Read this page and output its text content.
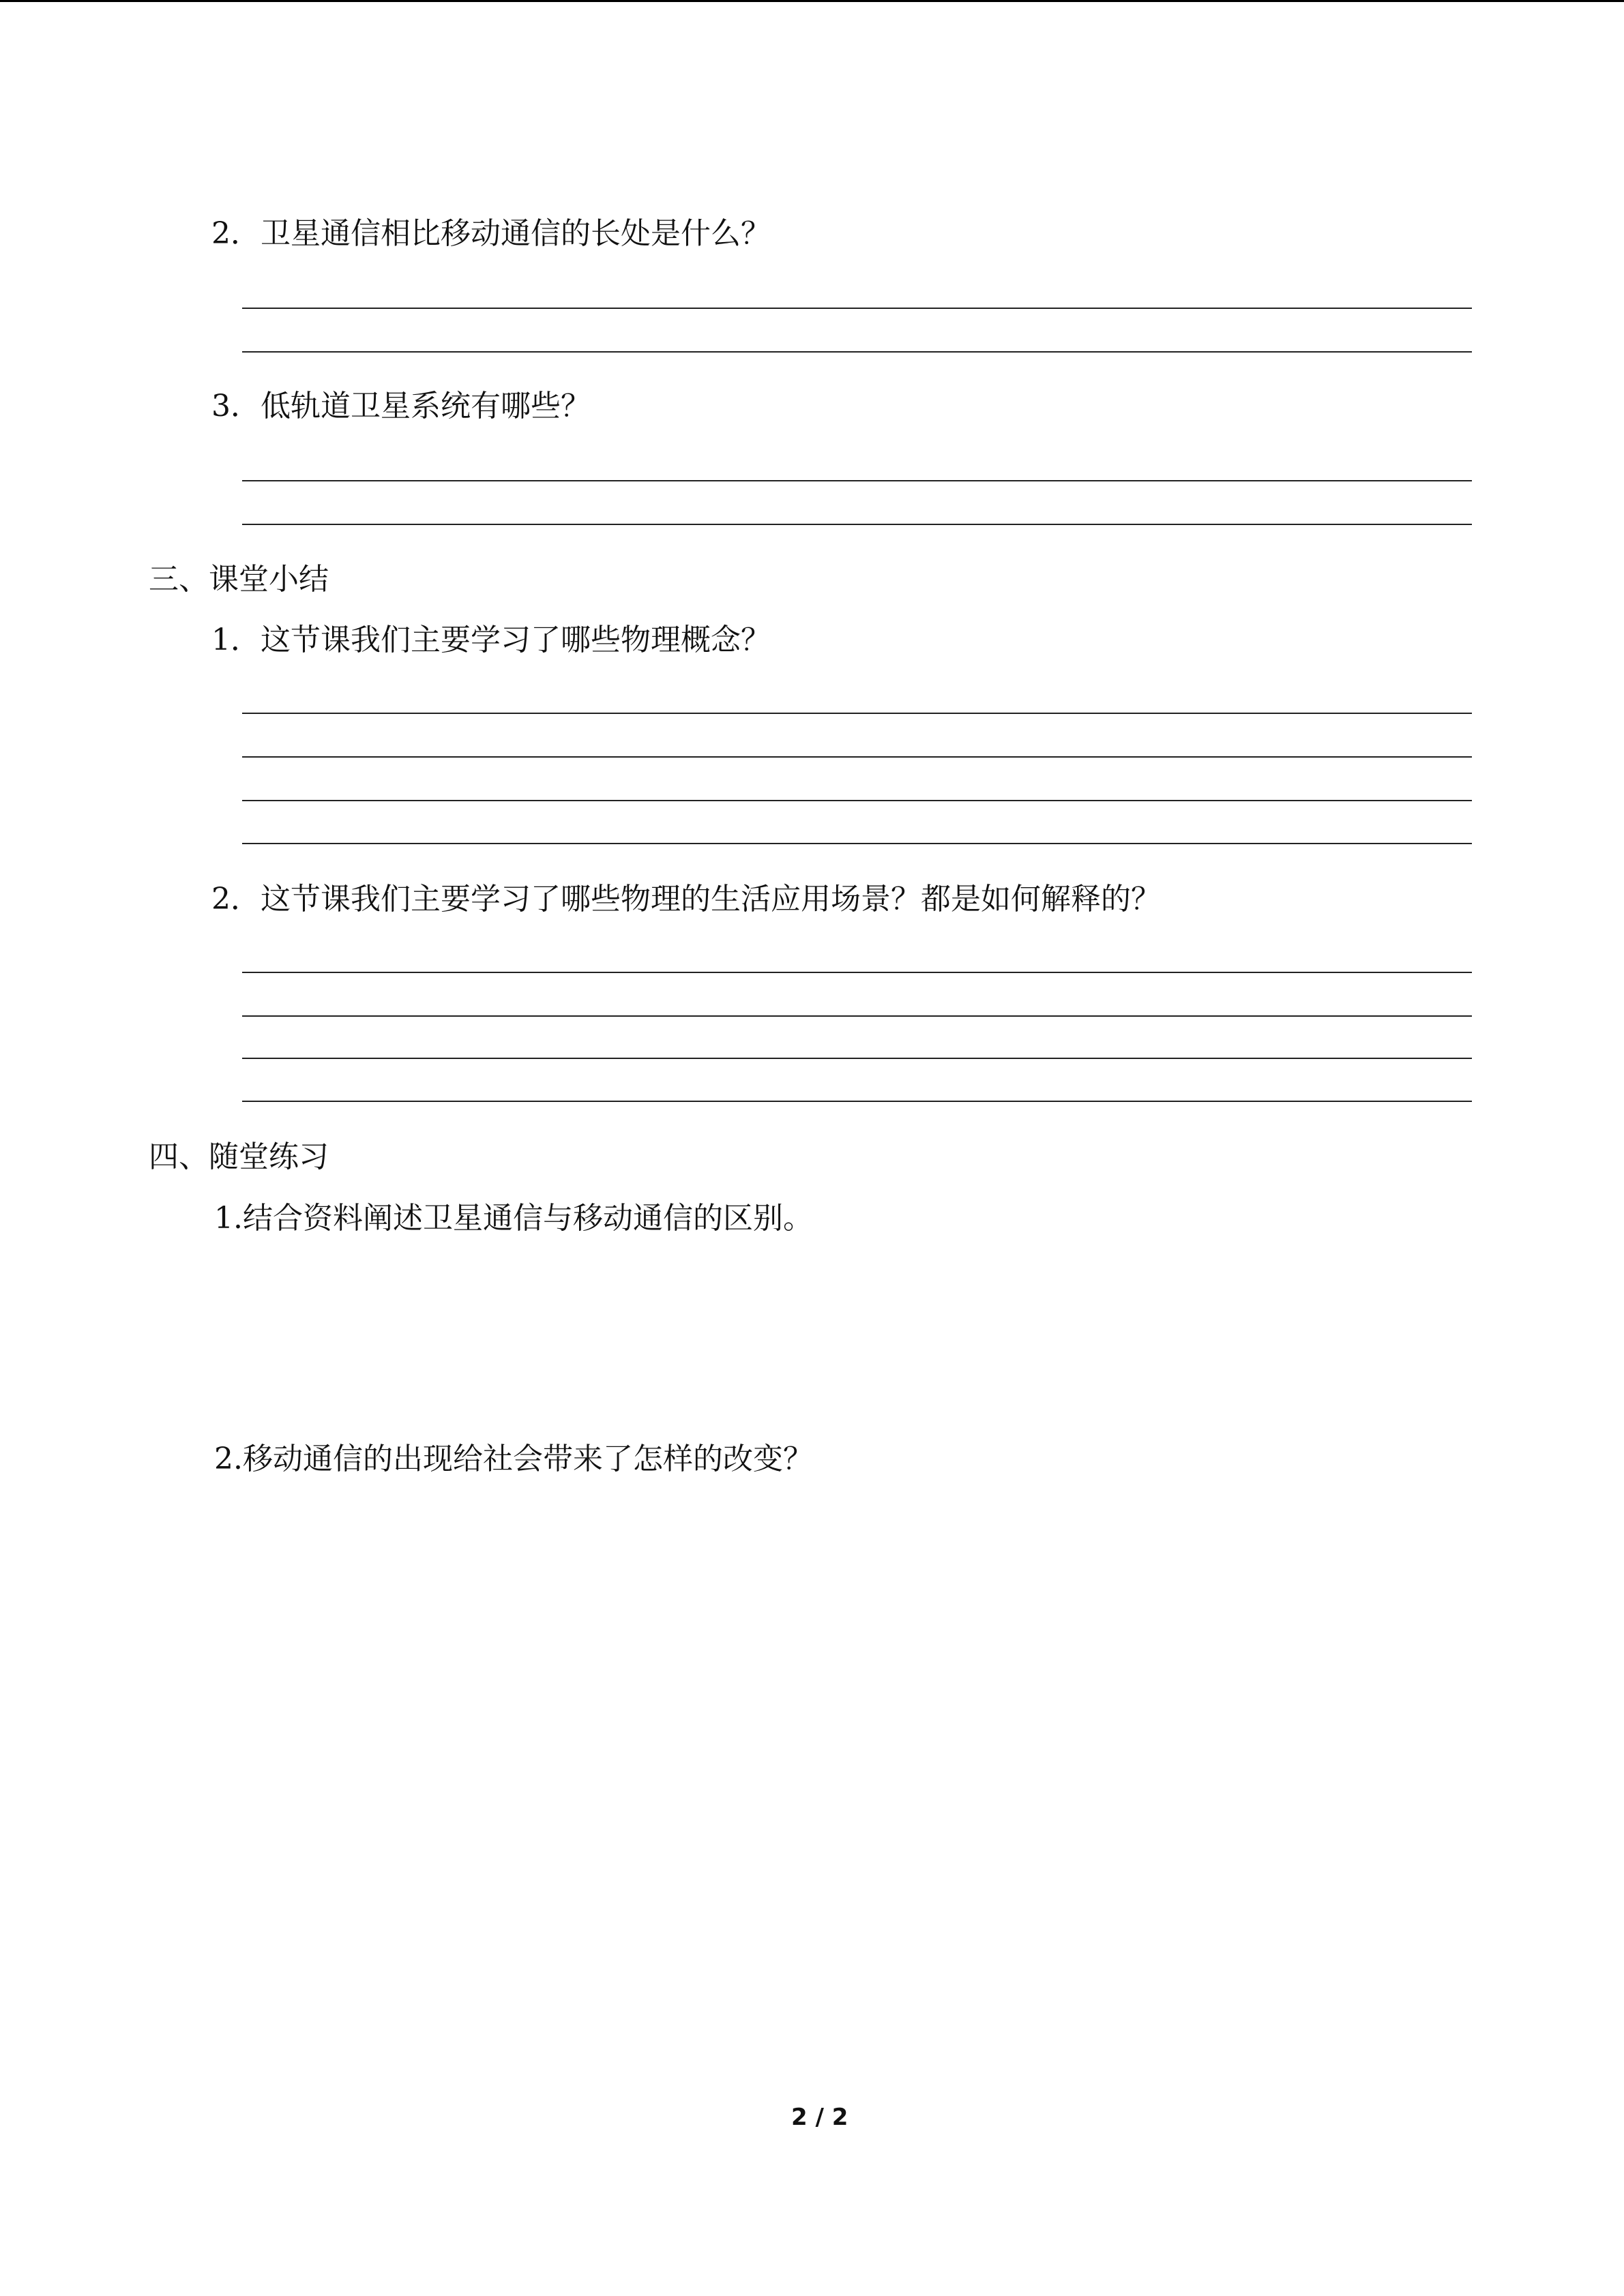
2．卫星通信相比移动通信的长处是什么？
3．低轨道卫星系统有哪些？
三、课堂小结
1．这节课我们主要学习了哪些物理概念？
2．这节课我们主要学习了哪些物理的生活应用场景？都是如何解释的？
四、随堂练习
1.结合资料阐述卫星通信与移动通信的区别。
2.移动通信的出现给社会带来了怎样的改变？
2 / 2
